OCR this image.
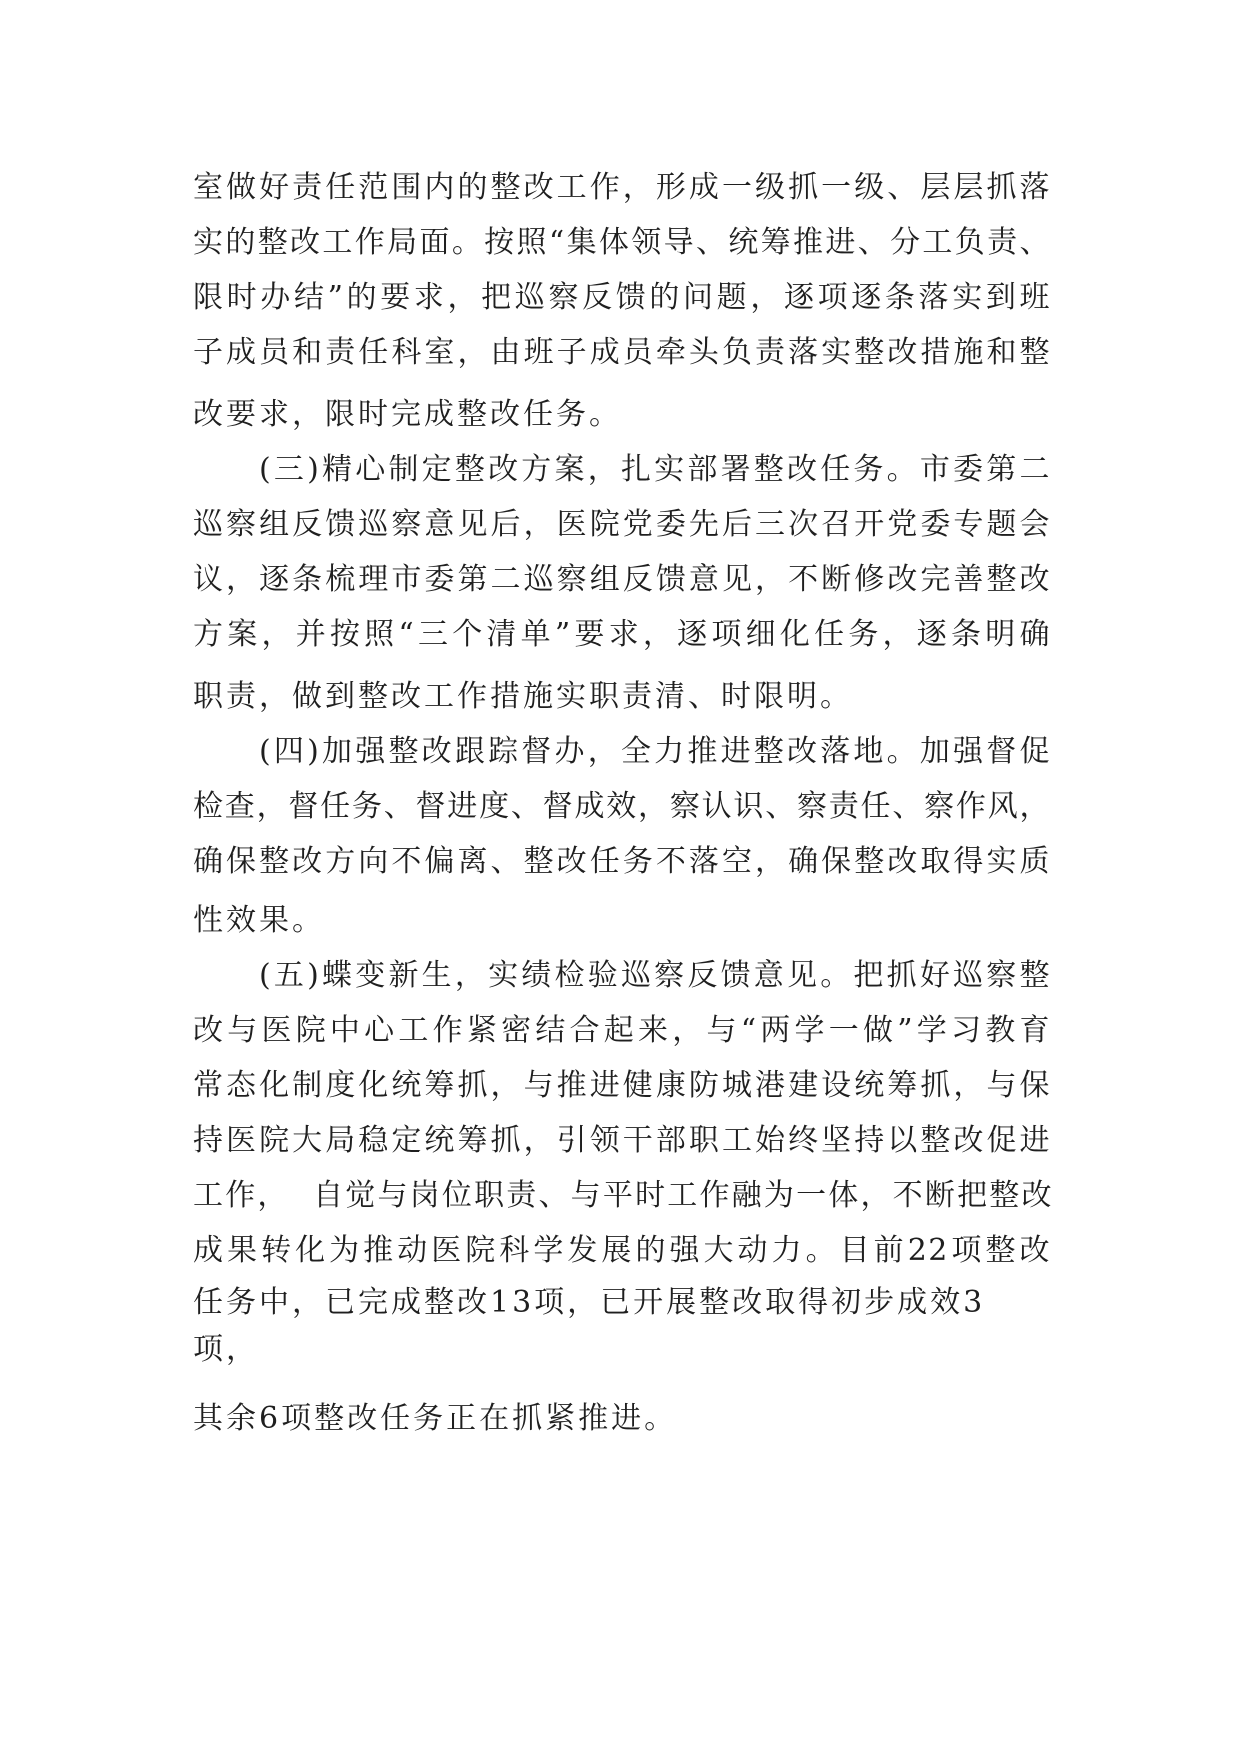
室做好责任范围内的整改工作，形成一级抓一级、层层抓落
实的整改工作局面。按照“集体领导、统筹推进、分工负责、
限时办结”的要求，把巡察反馈的问题，逐项逐条落实到班
子成员和责任科室，由班子成员牵头负责落实整改措施和整
改要求，限时完成整改任务。
(三)精心制定整改方案，扎实部署整改任务。市委第二
巡察组反馈巡察意见后，医院党委先后三次召开党委专题会
议，逐条梳理市委第二巡察组反馈意见，不断修改完善整改
方案，并按照“三个清单”要求，逐项细化任务，逐条明确
职责，做到整改工作措施实职责清、时限明。
(四)加强整改跟踪督办，全力推进整改落地。加强督促
检查，督任务、督进度、督成效，察认识、察责任、察作风，
确保整改方向不偏离、整改任务不落空，确保整改取得实质
性效果。
(五)蝶变新生，实绩检验巡察反馈意见。把抓好巡察整
改与医院中心工作紧密结合起来，与“两学一做”学习教育
常态化制度化统筹抓，与推进健康防城港建设统筹抓，与保
持医院大局稳定统筹抓，引领干部职工始终坚持以整改促进
工作，  自觉与岗位职责、与平时工作融为一体，不断把整改
成果转化为推动医院科学发展的强大动力。目前22项整改
任务中，已完成整改13项，已开展整改取得初步成效3
项，
其余6项整改任务正在抓紧推进。
